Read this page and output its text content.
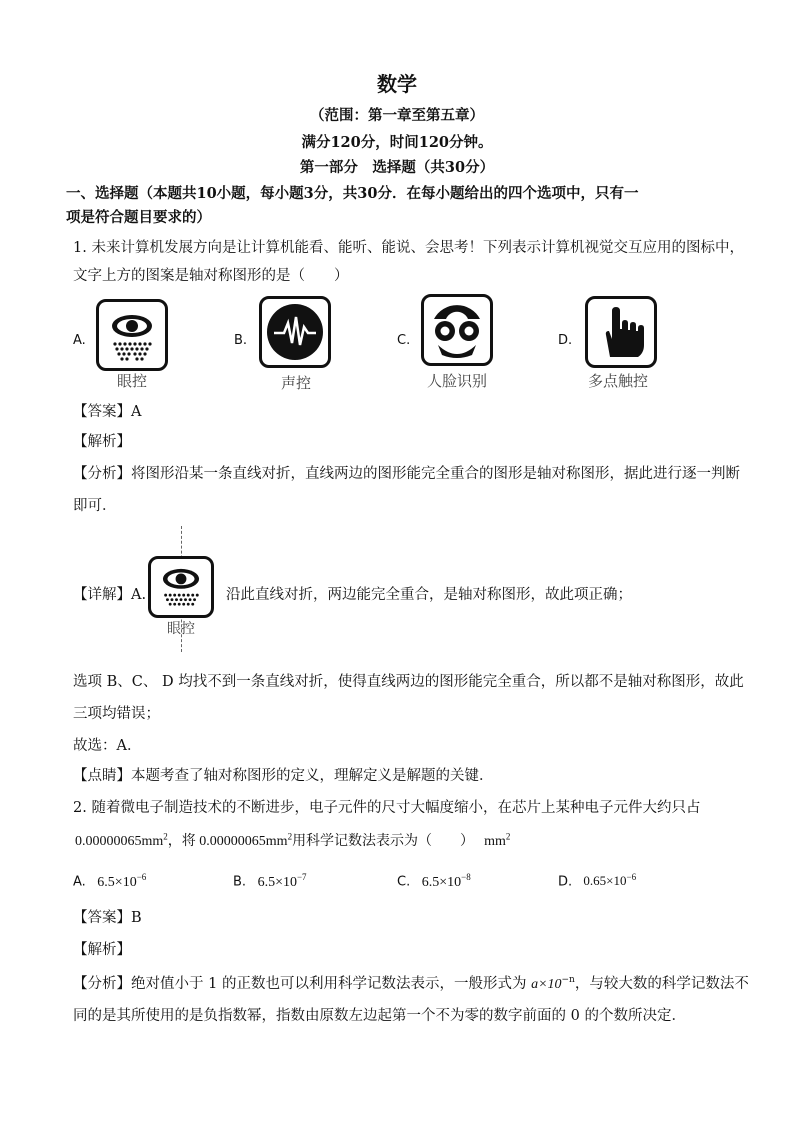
数学
（范围：第一章至第五章）
满分120分，时间120分钟。
第一部分　选择题（共30分）
一、选择题（本题共10小题，每小题3分，共30分．在每小题给出的四个选项中，只有一
项是符合题目要求的）
1. 未来计算机发展方向是让计算机能看、能听、能说、会思考！下列表示计算机视觉交互应用的图标中，
文字上方的图案是轴对称图形的是（　　）
A.
眼控
B.
声控
C.
人脸识别
D.
多点触控
【答案】A
【解析】
【分析】将图形沿某一条直线对折，直线两边的图形能完全重合的图形是轴对称图形，据此进行逐一判断
即可．
【详解】A.
眼控
沿此直线对折，两边能完全重合，是轴对称图形，故此项正确；
选项 B、C、 D 均找不到一条直线对折，使得直线两边的图形能完全重合，所以都不是轴对称图形，故此
三项均错误；
故选：A．
【点睛】本题考查了轴对称图形的定义，理解定义是解题的关键．
2. 随着微电子制造技术的不断进步，电子元件的尺寸大幅度缩小，在芯片上某种电子元件大约只占
$0.00000065mm^2$，将 $0.00000065mm^2$用科学记数法表示为（　　） $mm^2$
A. $6.5\times 10^{-6}$	B. $6.5\times 10^{-7}$	C. $6.5\times 10^{-8}$	D. $0.65\times 10^{-6}$
【答案】B
【解析】
【分析】绝对值小于 1 的正数也可以利用科学记数法表示，一般形式为 $a\times 10^{-n}$，与较大数的科学记数法不
同的是其所使用的是负指数幂，指数由原数左边起第一个不为零的数字前面的 0 的个数所决定．
